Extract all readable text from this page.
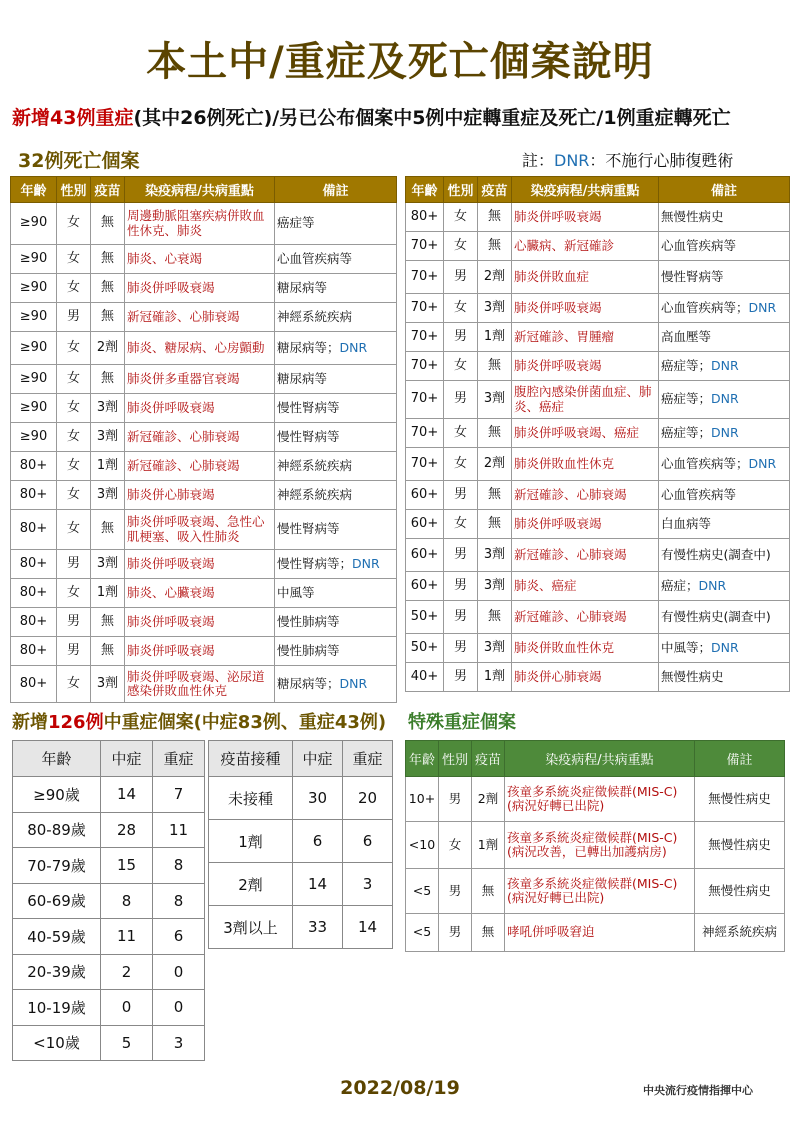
本土中/重症及死亡個案說明
新增43例重症(其中26例死亡)/另已公布個案中5例中症轉重症及死亡/1例重症轉死亡
32例死亡個案	註：DNR：不施行心肺復甦術
年齡	性別	疫苗	染疫病程/共病重點	備註
≥90	女	無	周邊動脈阻塞疾病併敗血性休克、肺炎	癌症等
≥90	女	無	肺炎、心衰竭	心血管疾病等
≥90	女	無	肺炎併呼吸衰竭	糖尿病等
≥90	男	無	新冠確診、心肺衰竭	神經系統疾病
≥90	女	2劑	肺炎、糖尿病、心房顫動	糖尿病等；DNR
≥90	女	無	肺炎併多重器官衰竭	糖尿病等
≥90	女	3劑	肺炎併呼吸衰竭	慢性腎病等
≥90	女	3劑	新冠確診、心肺衰竭	慢性腎病等
80+	女	1劑	新冠確診、心肺衰竭	神經系統疾病
80+	女	3劑	肺炎併心肺衰竭	神經系統疾病
80+	女	無	肺炎併呼吸衰竭、急性心肌梗塞、吸入性肺炎	慢性腎病等
80+	男	3劑	肺炎併呼吸衰竭	慢性腎病等；DNR
80+	女	1劑	肺炎、心臟衰竭	中風等
80+	男	無	肺炎併呼吸衰竭	慢性肺病等
80+	男	無	肺炎併呼吸衰竭	慢性肺病等
80+	女	3劑	肺炎併呼吸衰竭、泌尿道感染併敗血性休克	糖尿病等；DNR
年齡	性別	疫苗	染疫病程/共病重點	備註
80+	女	無	肺炎併呼吸衰竭	無慢性病史
70+	女	無	心臟病、新冠確診	心血管疾病等
70+	男	2劑	肺炎併敗血症	慢性腎病等
70+	女	3劑	肺炎併呼吸衰竭	心血管疾病等；DNR
70+	男	1劑	新冠確診、胃腫瘤	高血壓等
70+	女	無	肺炎併呼吸衰竭	癌症等；DNR
70+	男	3劑	腹腔內感染併菌血症、肺炎、癌症	癌症等；DNR
70+	女	無	肺炎併呼吸衰竭、癌症	癌症等；DNR
70+	女	2劑	肺炎併敗血性休克	心血管疾病等；DNR
60+	男	無	新冠確診、心肺衰竭	心血管疾病等
60+	女	無	肺炎併呼吸衰竭	白血病等
60+	男	3劑	新冠確診、心肺衰竭	有慢性病史(調查中)
60+	男	3劑	肺炎、癌症	癌症；DNR
50+	男	無	新冠確診、心肺衰竭	有慢性病史(調查中)
50+	男	3劑	肺炎併敗血性休克	中風等；DNR
40+	男	1劑	肺炎併心肺衰竭	無慢性病史
新增126例中重症個案(中症83例、重症43例) 特殊重症個案
年齡	中症	重症
≥90歲	14	7
80-89歲	28	11
70-79歲	15	8
60-69歲	8	8
40-59歲	11	6
20-39歲	2	0
10-19歲	0	0
<10歲	5	3
疫苗接種	中症	重症
未接種	30	20
1劑	6	6
2劑	14	3
3劑以上	33	14
年齡	性別	疫苗	染疫病程/共病重點	備註
10+	男	2劑	孩童多系統炎症徵候群(MIS-C)(病況好轉已出院)	無慢性病史
<10	女	1劑	孩童多系統炎症徵候群(MIS-C)(病況改善，已轉出加護病房)	無慢性病史
<5	男	無	孩童多系統炎症徵候群(MIS-C)(病況好轉已出院)	無慢性病史
<5	男	無	哮吼併呼吸窘迫	神經系統疾病
2022/08/19	中央流行疫情指揮中心
